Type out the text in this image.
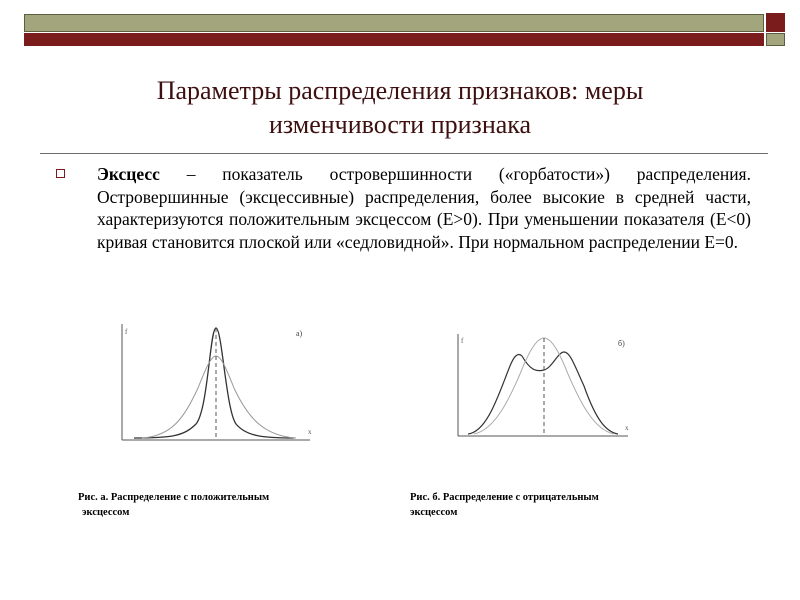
Параметры распределения признаков: меры
изменчивости признака
Эксцесс – показатель островершинности («горбатости») распределения. Островершинные (эксцессивные) распределения, более высокие в средней части, характеризуются положительным эксцессом (E>0). При уменьшении показателя (E<0) кривая становится плоской или «седловидной». При нормальном распределении E=0.
f
x
а)
f
x
б)
Рис. а. Распределение с положительным
эксцессом
Рис. б. Распределение с отрицательным
эксцессом
